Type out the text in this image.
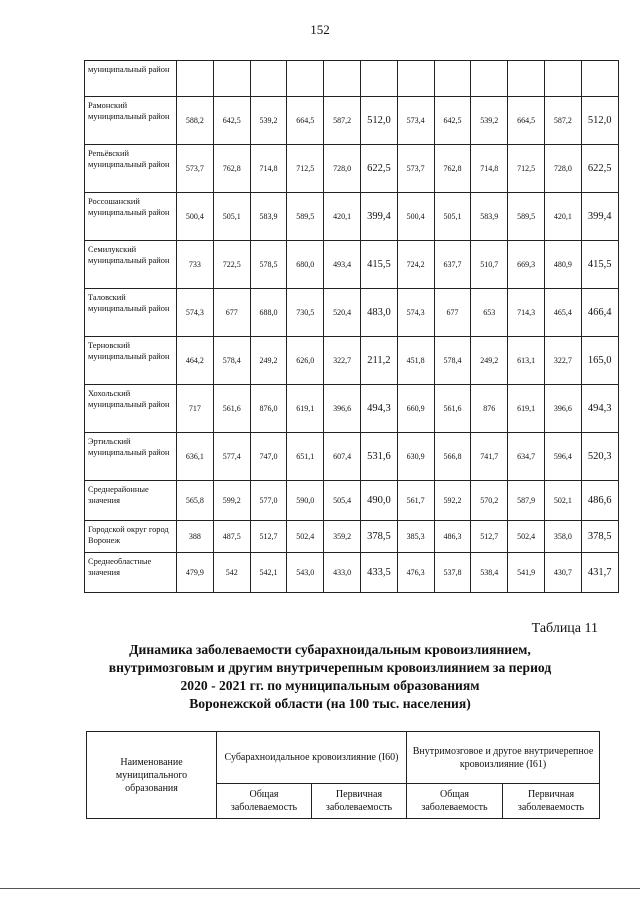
152
муниципальный район												
Рамонский муниципальный район	588,2	642,5	539,2	664,5	587,2	512,0	573,4	642,5	539,2	664,5	587,2	512,0
Репьёвский муниципальный район	573,7	762,8	714,8	712,5	728,0	622,5	573,7	762,8	714,8	712,5	728,0	622,5
Россошанский муниципальный район	500,4	505,1	583,9	589,5	420,1	399,4	500,4	505,1	583,9	589,5	420,1	399,4
Семилукский муниципальный район	733	722,5	578,5	680,0	493,4	415,5	724,2	637,7	510,7	669,3	480,9	415,5
Таловский муниципальный район	574,3	677	688,0	730,5	520,4	483,0	574,3	677	653	714,3	465,4	466,4
Терновский муниципальный район	464,2	578,4	249,2	626,0	322,7	211,2	451,8	578,4	249,2	613,1	322,7	165,0
Хохольский муниципальный район	717	561,6	876,0	619,1	396,6	494,3	660,9	561,6	876	619,1	396,6	494,3
Эртильский муниципальный район	636,1	577,4	747,0	651,1	607,4	531,6	630,9	566,8	741,7	634,7	596,4	520,3
Среднерайонные значения	565,8	599,2	577,0	590,0	505,4	490,0	561,7	592,2	570,2	587,9	502,1	486,6
Городской округ город Воронеж	388	487,5	512,7	502,4	359,2	378,5	385,3	486,3	512,7	502,4	358,0	378,5
Среднеобластные значения	479,9	542	542,1	543,0	433,0	433,5	476,3	537,8	538,4	541,9	430,7	431,7
Таблица 11
Динамика заболеваемости субарахноидальным кровоизлиянием,
внутримозговым и другим внутричерепным кровоизлиянием за период
2020 - 2021 гг. по муниципальным образованиям
Воронежской области (на 100 тыс. населения)
Наименование муниципального образования	Субарахноидальное кровоизлияние (I60)		Внутримозговое и другое внутричерепное кровоизлияние (I61)	
	Общая заболеваемость	Первичная заболеваемость	Общая заболеваемость	Первичная заболеваемость
